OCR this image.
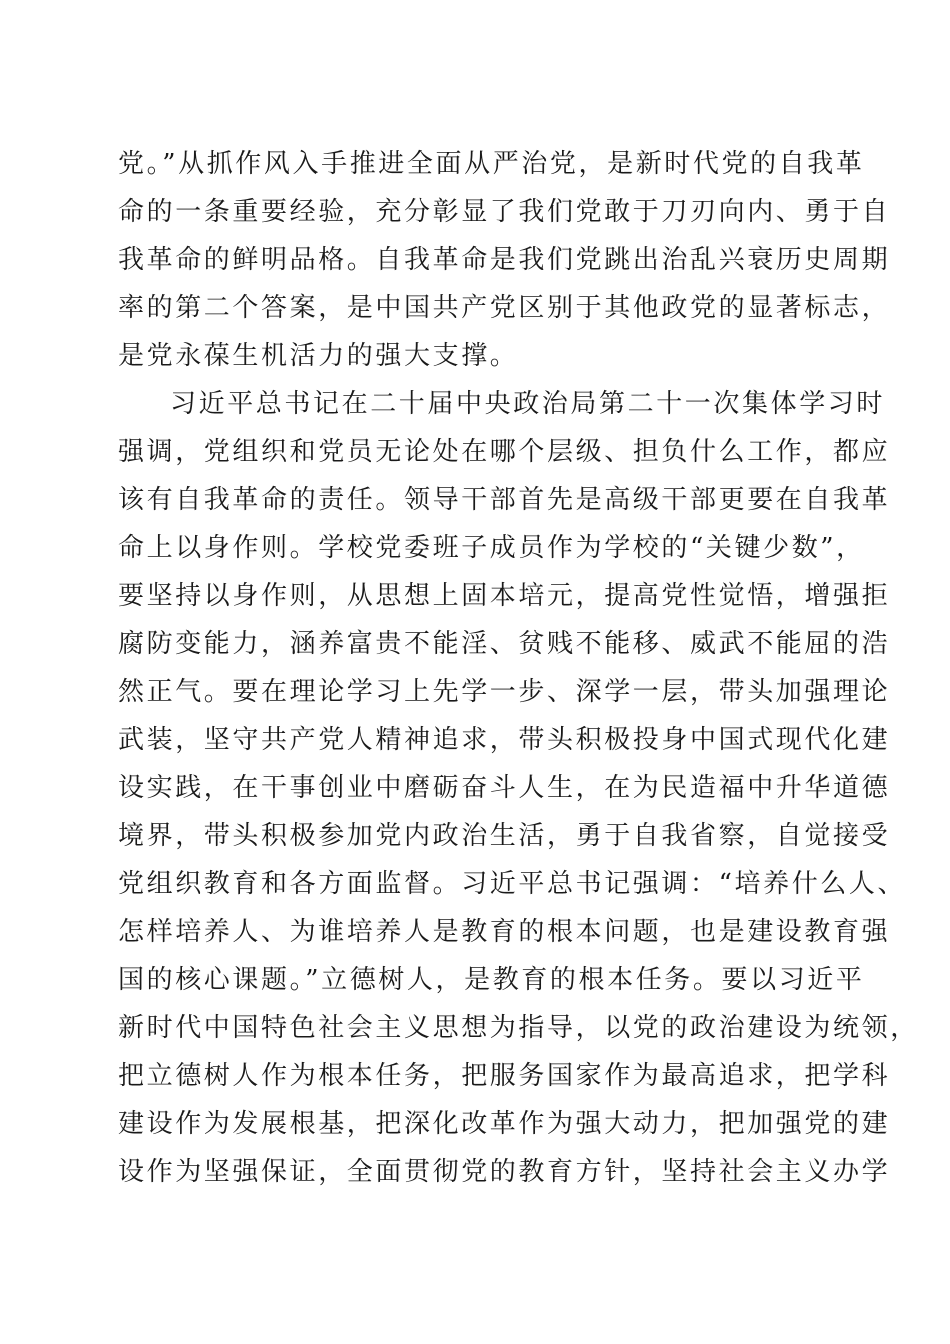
党。”从抓作风入手推进全面从严治党，是新时代党的自我革
命的一条重要经验，充分彰显了我们党敢于刀刃向内、勇于自
我革命的鲜明品格。自我革命是我们党跳出治乱兴衰历史周期
率的第二个答案，是中国共产党区别于其他政党的显著标志，
是党永葆生机活力的强大支撑。
习近平总书记在二十届中央政治局第二十一次集体学习时
强调，党组织和党员无论处在哪个层级、担负什么工作，都应
该有自我革命的责任。领导干部首先是高级干部更要在自我革
命上以身作则。学校党委班子成员作为学校的“关键少数”，
要坚持以身作则，从思想上固本培元，提高党性觉悟，增强拒
腐防变能力，涵养富贵不能淫、贫贱不能移、威武不能屈的浩
然正气。要在理论学习上先学一步、深学一层，带头加强理论
武装，坚守共产党人精神追求，带头积极投身中国式现代化建
设实践，在干事创业中磨砺奋斗人生，在为民造福中升华道德
境界，带头积极参加党内政治生活，勇于自我省察，自觉接受
党组织教育和各方面监督。习近平总书记强调：“培养什么人、
怎样培养人、为谁培养人是教育的根本问题，也是建设教育强
国的核心课题。”立德树人，是教育的根本任务。要以习近平
新时代中国特色社会主义思想为指导，以党的政治建设为统领，
把立德树人作为根本任务，把服务国家作为最高追求，把学科
建设作为发展根基，把深化改革作为强大动力，把加强党的建
设作为坚强保证，全面贯彻党的教育方针，坚持社会主义办学
